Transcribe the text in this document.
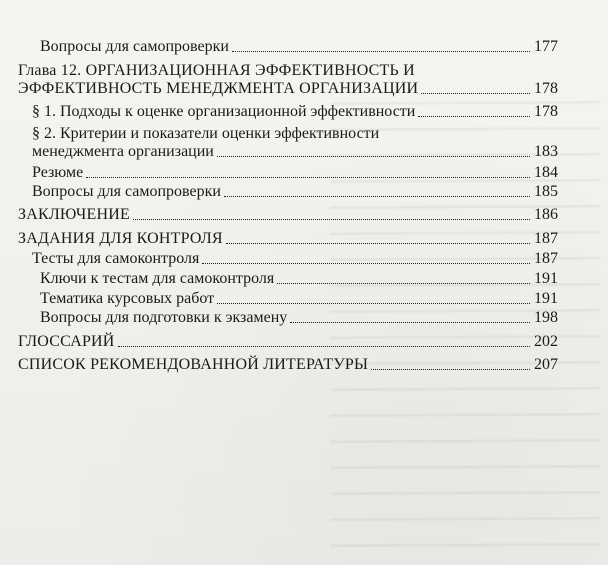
Вопросы для самопроверки	177
Глава 12. ОРГАНИЗАЦИОННАЯ ЭФФЕКТИВНОСТЬ И
ЭФФЕКТИВНОСТЬ МЕНЕДЖМЕНТА ОРГАНИЗАЦИИ	178
§ 1. Подходы к оценке организационной эффективности	178
§ 2. Критерии и показатели оценки эффективности
менеджмента организации	183
Резюме	184
Вопросы для самопроверки	185
ЗАКЛЮЧЕНИЕ	186
ЗАДАНИЯ ДЛЯ КОНТРОЛЯ	187
Тесты для самоконтроля	187
Ключи к тестам для самоконтроля	191
Тематика курсовых работ	191
Вопросы для подготовки к экзамену	198
ГЛОССАРИЙ	202
СПИСОК РЕКОМЕНДОВАННОЙ ЛИТЕРАТУРЫ	207
